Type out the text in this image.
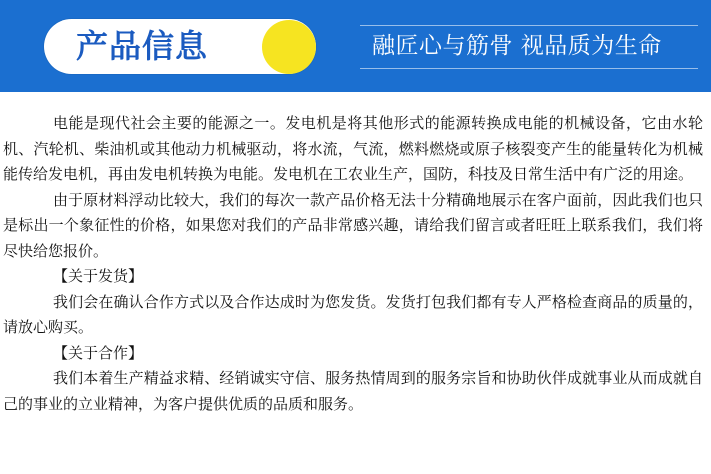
产品信息	融匠心与筋骨 视品质为生命

电能是现代社会主要的能源之一。发电机是将其他形式的能源转换成电能的机械设备，它由水轮机、汽轮机、柴油机或其他动力机械驱动，将水流，气流，燃料燃烧或原子核裂变产生的能量转化为机械能传给发电机，再由发电机转换为电能。发电机在工农业生产，国防，科技及日常生活中有广泛的用途。

由于原材料浮动比较大，我们的每次一款产品价格无法十分精确地展示在客户面前，因此我们也只是标出一个象征性的价格，如果您对我们的产品非常感兴趣，请给我们留言或者旺旺上联系我们，我们将尽快给您报价。

【关于发货】

我们会在确认合作方式以及合作达成时为您发货。发货打包我们都有专人严格检查商品的质量的，请放心购买。

【关于合作】

我们本着生产精益求精、经销诚实守信、服务热情周到的服务宗旨和协助伙伴成就事业从而成就自己的事业的立业精神，为客户提供优质的品质和服务。
